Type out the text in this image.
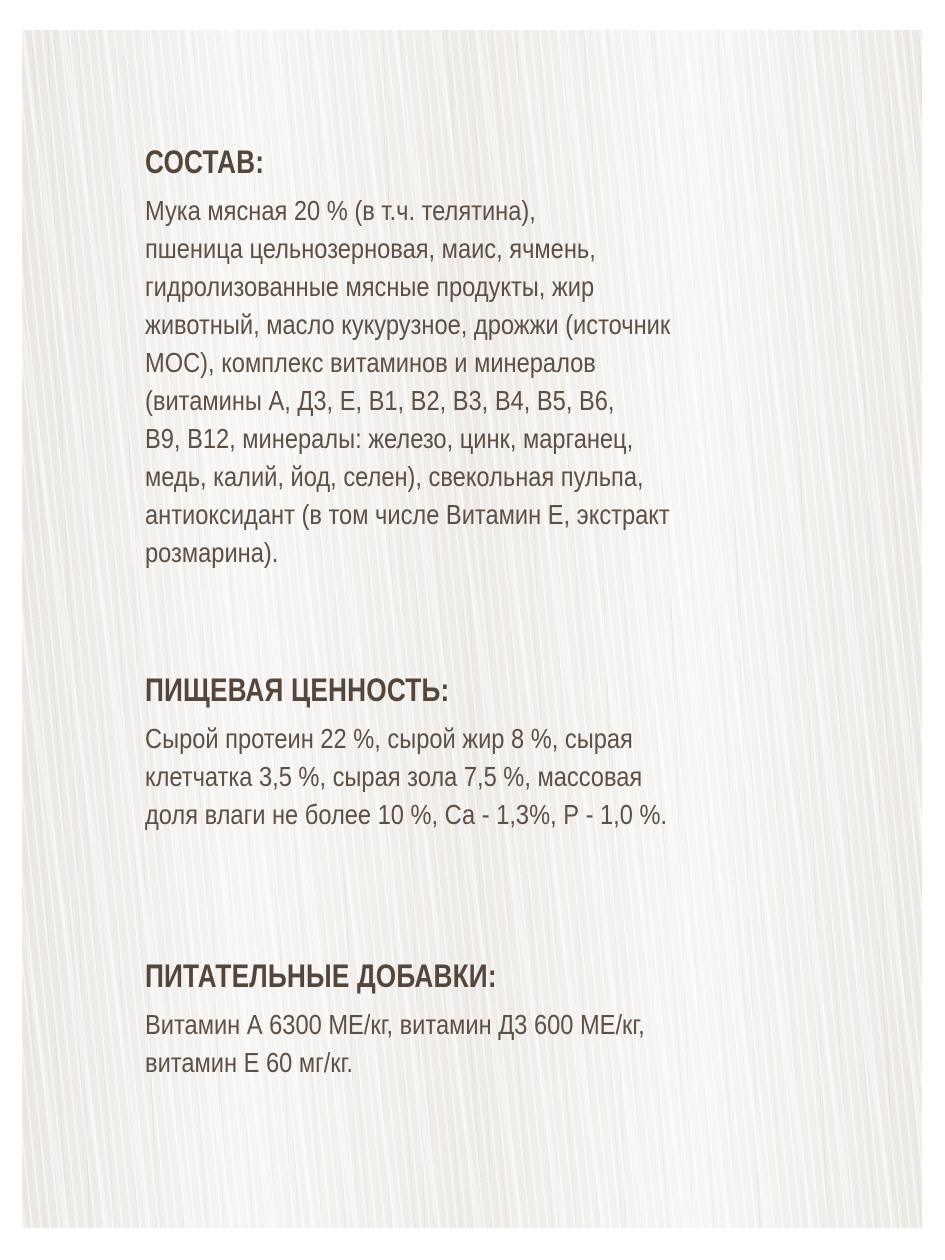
СОСТАВ:

Мука мясная 20 % (в т.ч. телятина),
пшеница цельнозерновая, маис, ячмень,
гидролизованные мясные продукты, жир
животный, масло кукурузное, дрожжи (источник
МОС), комплекс витаминов и минералов
(витамины А, Д3, Е, В1, В2, В3, В4, В5, В6,
В9, В12, минералы: железо, цинк, марганец,
медь, калий, йод, селен), свекольная пульпа,
антиоксидант (в том числе Витамин Е, экстракт
розмарина).

ПИЩЕВАЯ ЦЕННОСТЬ:

Сырой протеин 22 %, сырой жир 8 %, сырая
клетчатка 3,5 %, сырая зола 7,5 %, массовая
доля влаги не более 10 %, Са - 1,3%, Р - 1,0 %.

ПИТАТЕЛЬНЫЕ ДОБАВКИ:

Витамин А 6300 МЕ/кг, витамин Д3 600 МЕ/кг,
витамин Е 60 мг/кг.
